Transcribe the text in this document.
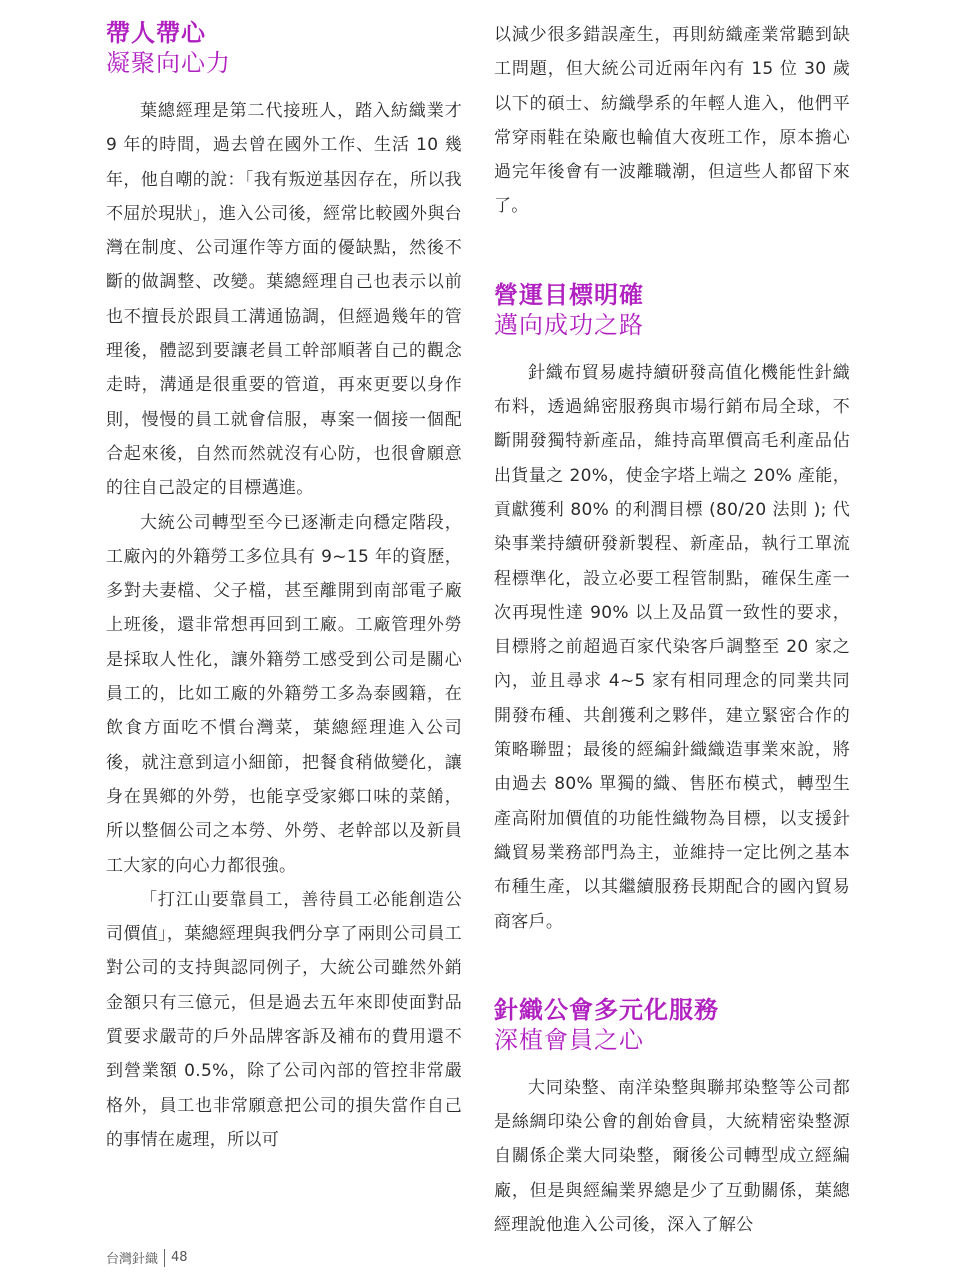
帶人帶心
凝聚向心力

葉總經理是第二代接班人，踏入紡織業才 9 年的時間，過去曾在國外工作、生活 10 幾年，他自嘲的說：「我有叛逆基因存在，所以我不屈於現狀」，進入公司後，經常比較國外與台灣在制度、公司運作等方面的優缺點，然後不斷的做調整、改變。葉總經理自己也表示以前也不擅長於跟員工溝通協調，但經過幾年的管理後，體認到要讓老員工幹部順著自己的觀念走時，溝通是很重要的管道，再來更要以身作則，慢慢的員工就會信服，專案一個接一個配合起來後，自然而然就沒有心防，也很會願意的往自己設定的目標邁進。

大統公司轉型至今已逐漸走向穩定階段，工廠內的外籍勞工多位具有 9~15 年的資歷，多對夫妻檔、父子檔，甚至離開到南部電子廠上班後，還非常想再回到工廠。工廠管理外勞是採取人性化，讓外籍勞工感受到公司是關心員工的，比如工廠的外籍勞工多為泰國籍，在飲食方面吃不慣台灣菜，葉總經理進入公司後，就注意到這小細節，把餐食稍做變化，讓身在異鄉的外勞，也能享受家鄉口味的菜餚，所以整個公司之本勞、外勞、老幹部以及新員工大家的向心力都很強。

「打江山要靠員工，善待員工必能創造公司價值」，葉總經理與我們分享了兩則公司員工對公司的支持與認同例子，大統公司雖然外銷金額只有三億元，但是過去五年來即使面對品質要求嚴苛的戶外品牌客訴及補布的費用還不到營業額 0.5%，除了公司內部的管控非常嚴格外，員工也非常願意把公司的損失當作自己的事情在處理，所以可

以減少很多錯誤產生，再則紡織產業常聽到缺工問題，但大統公司近兩年內有 15 位 30 歲以下的碩士、紡織學系的年輕人進入，他們平常穿雨鞋在染廠也輪值大夜班工作，原本擔心過完年後會有一波離職潮，但這些人都留下來了。

營運目標明確
邁向成功之路

針織布貿易處持續研發高值化機能性針織布料，透過綿密服務與市場行銷布局全球，不斷開發獨特新產品，維持高單價高毛利產品佔出貨量之 20%，使金字塔上端之 20% 產能，貢獻獲利 80% 的利潤目標 (80/20 法則 ); 代染事業持續研發新製程、新產品，執行工單流程標準化，設立必要工程管制點，確保生產一次再現性達 90% 以上及品質一致性的要求，目標將之前超過百家代染客戶調整至 20 家之內，並且尋求 4~5 家有相同理念的同業共同開發布種、共創獲利之夥伴，建立緊密合作的策略聯盟；最後的經編針織織造事業來說，將由過去 80% 單獨的織、售胚布模式，轉型生產高附加價值的功能性織物為目標，以支援針織貿易業務部門為主，並維持一定比例之基本布種生產，以其繼續服務長期配合的國內貿易商客戶。

針織公會多元化服務
深植會員之心

大同染整、南洋染整與聯邦染整等公司都是絲綢印染公會的創始會員，大統精密染整源自關係企業大同染整，爾後公司轉型成立經編廠，但是與經編業界總是少了互動關係，葉總經理說他進入公司後，深入了解公

台灣針織 48
